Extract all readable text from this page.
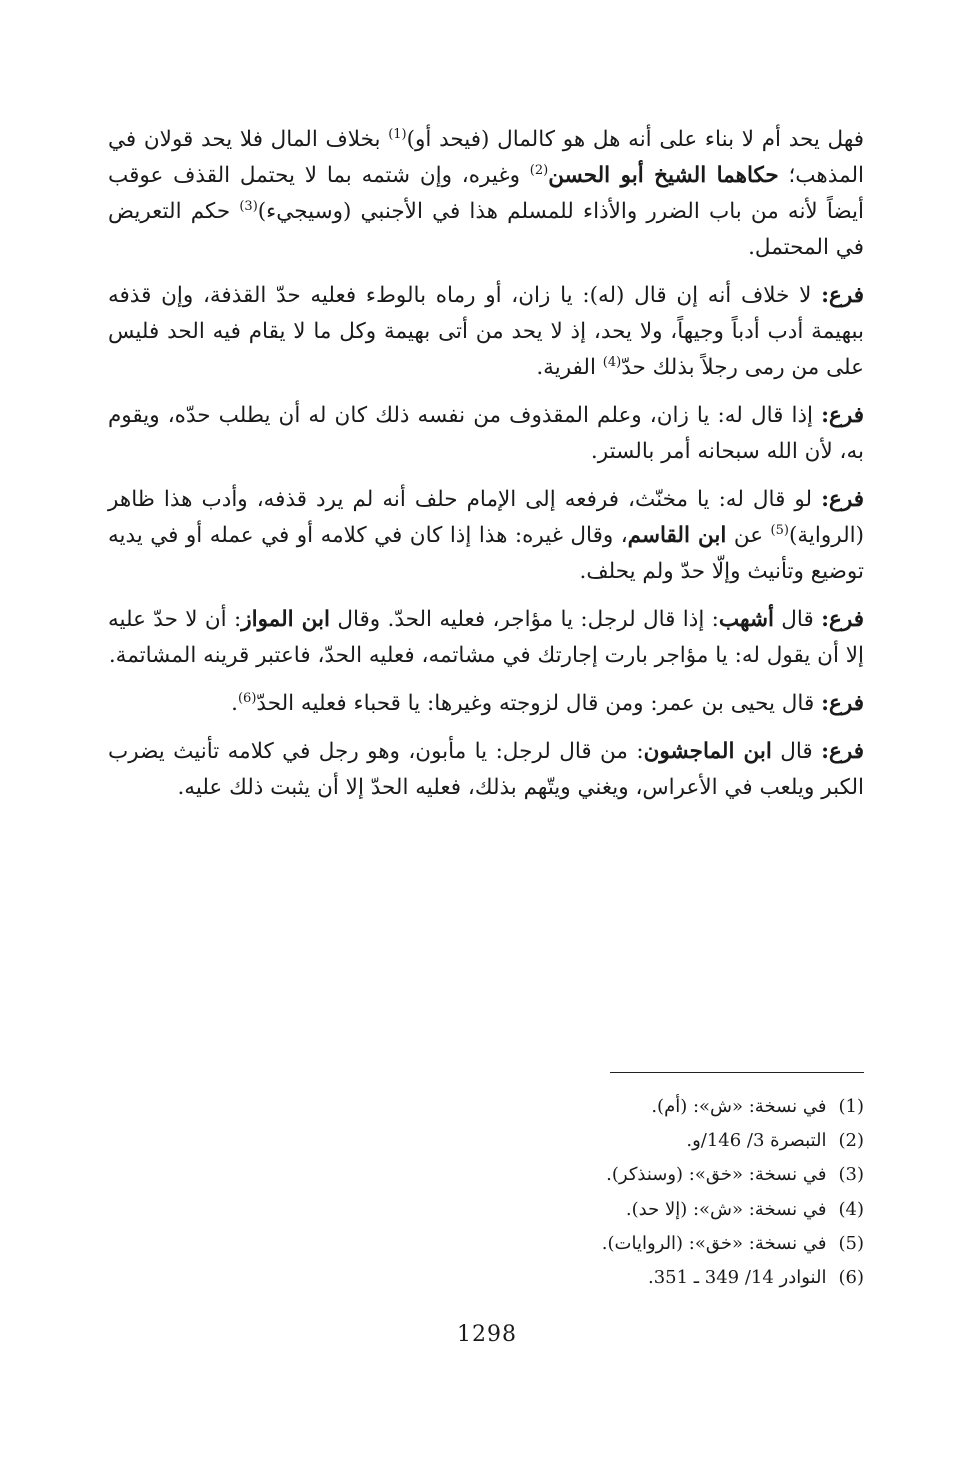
فهل يحد أم لا بناء على أنه هل هو كالمال (فيحد أو)$^{(1)}$ بخلاف المال فلا يحد قولان في المذهب؛ حكاهما الشيخ أبو الحسن$^{(2)}$ وغيره، وإن شتمه بما لا يحتمل القذف عوقب أيضاً لأنه من باب الضرر والأذاء للمسلم هذا في الأجنبي (وسيجيء)$^{(3)}$ حكم التعريض في المحتمل.

فرع: لا خلاف أنه إن قال (له): يا زان، أو رماه بالوطء فعليه حدّ القذفة، وإن قذفه ببهيمة أدب أدباً وجيهاً، ولا يحد، إذ لا يحد من أتى بهيمة وكل ما لا يقام فيه الحد فليس على من رمى رجلاً بذلك حدّ$^{(4)}$ الفرية.

فرع: إذا قال له: يا زان، وعلم المقذوف من نفسه ذلك كان له أن يطلب حدّه، ويقوم به، لأن الله سبحانه أمر بالستر.

فرع: لو قال له: يا مخنّث، فرفعه إلى الإمام حلف أنه لم يرد قذفه، وأدب هذا ظاهر (الرواية)$^{(5)}$ عن ابن القاسم، وقال غيره: هذا إذا كان في كلامه أو في عمله أو في يديه توضيع وتأنيث وإلّا حدّ ولم يحلف.

فرع: قال أشهب: إذا قال لرجل: يا مؤاجر، فعليه الحدّ. وقال ابن المواز: أن لا حدّ عليه إلا أن يقول له: يا مؤاجر بارت إجارتك في مشاتمه، فعليه الحدّ، فاعتبر قرينه المشاتمة.

فرع: قال يحيى بن عمر: ومن قال لزوجته وغيرها: يا قحباء فعليه الحدّ$^{(6)}$.

فرع: قال ابن الماجشون: من قال لرجل: يا مأبون، وهو رجل في كلامه تأنيث يضرب الكبر ويلعب في الأعراس، ويغني ويتّهم بذلك، فعليه الحدّ إلا أن يثبت ذلك عليه.

(1)في نسخة: «ش»: (أم).
(2)التبصرة 3/ 146/و.
(3)في نسخة: «خق»: (وسنذكر).
(4)في نسخة: «ش»: (إلا حد).
(5)في نسخة: «خق»: (الروايات).
(6)النوادر 14/ 349 ـ 351.
1298
